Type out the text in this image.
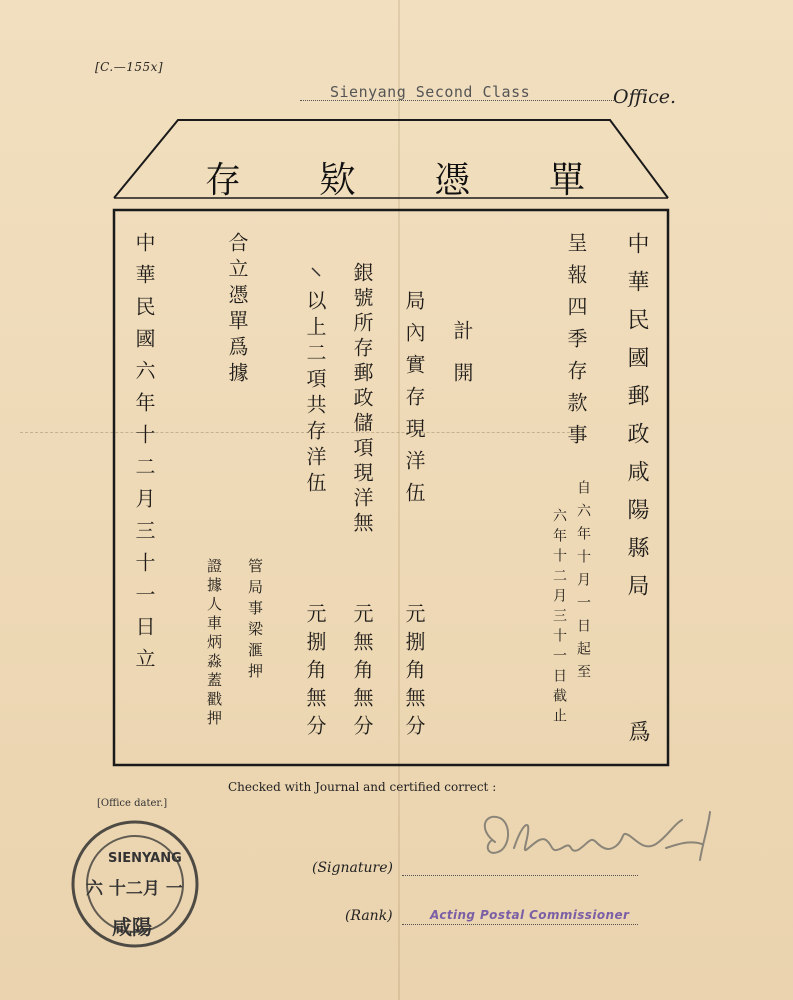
[C.—155x]
Sienyang Second Class	Office.
存 欵 憑 單
中華民國郵政咸陽縣局
爲
呈報四季存款事
自六年十月一日起至
六年十二月三十一日截止
計開
局內實存現洋伍
元捌角無分
銀號所存郵政儲項現洋無
元無角無分
以上二項共存洋伍
元捌角無分
管局事梁滙押
證據人車炳淼蓋戳押
合立憑單爲據
中華民國六年十二月三十一日立
Checked with Journal and certified correct :
[Office dater.]
SIENYANG
六 十二月 一
咸陽
(Signature)
(Rank)	Acting Postal Commissioner
